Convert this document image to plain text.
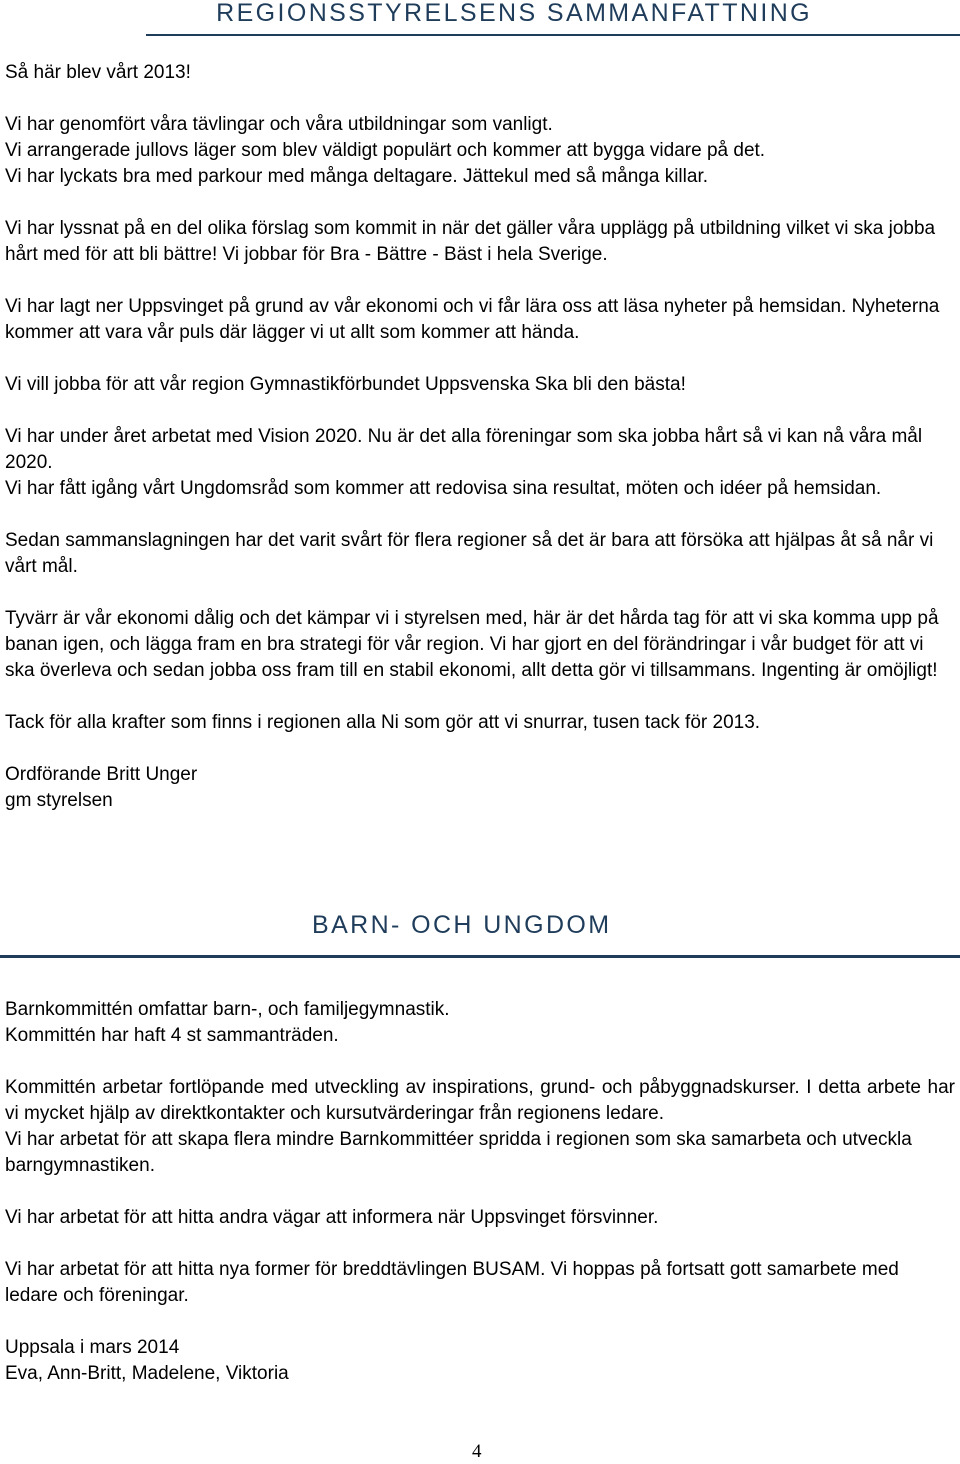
REGIONSSTYRELSENS SAMMANFATTNING

Så här blev vårt 2013!

Vi har genomfört våra tävlingar och våra utbildningar som vanligt.
Vi arrangerade jullovs läger som blev väldigt populärt och kommer att bygga vidare på det.
Vi har lyckats bra med parkour med många deltagare. Jättekul med så många killar.

Vi har lyssnat på en del olika förslag som kommit in när det gäller våra upplägg på utbildning vilket vi ska jobba hårt med för att bli bättre! Vi jobbar för Bra - Bättre - Bäst i hela Sverige.

Vi har lagt ner Uppsvinget på grund av vår ekonomi och vi får lära oss att läsa nyheter på hemsidan. Nyheterna kommer att vara vår puls där lägger vi ut allt som kommer att hända.

Vi vill jobba för att vår region Gymnastikförbundet Uppsvenska Ska bli den bästa!

Vi har under året arbetat med Vision 2020. Nu är det alla föreningar som ska jobba hårt så vi kan nå våra mål 2020.
Vi har fått igång vårt Ungdomsråd som kommer att redovisa sina resultat, möten och idéer på hemsidan.

Sedan sammanslagningen har det varit svårt för flera regioner så det är bara att försöka att hjälpas åt så når vi vårt mål.

Tyvärr är vår ekonomi dålig och det kämpar vi i styrelsen med, här är det hårda tag för att vi ska komma upp på banan igen, och lägga fram en bra strategi för vår region. Vi har gjort en del förändringar i vår budget för att vi ska överleva och sedan jobba oss fram till en stabil ekonomi, allt detta gör vi tillsammans. Ingenting är omöjligt!

Tack för alla krafter som finns i regionen alla Ni som gör att vi snurrar, tusen tack för 2013.

Ordförande Britt Unger
gm styrelsen

BARN- OCH UNGDOM

Barnkommittén omfattar barn-, och familjegymnastik.
Kommittén har haft 4 st sammanträden.

Kommittén arbetar fortlöpande med utveckling av inspirations, grund- och påbyggnadskurser. I detta arbete har vi mycket hjälp av direktkontakter och kursutvärderingar från regionens ledare.
Vi har arbetat för att skapa flera mindre Barnkommittéer spridda i regionen som ska samarbeta och utveckla barngymnastiken.

Vi har arbetat för att hitta andra vägar att informera när Uppsvinget försvinner.

Vi har arbetat för att hitta nya former för breddtävlingen BUSAM. Vi hoppas på fortsatt gott samarbete med ledare och föreningar.

Uppsala i mars 2014
Eva, Ann-Britt, Madelene, Viktoria

4
